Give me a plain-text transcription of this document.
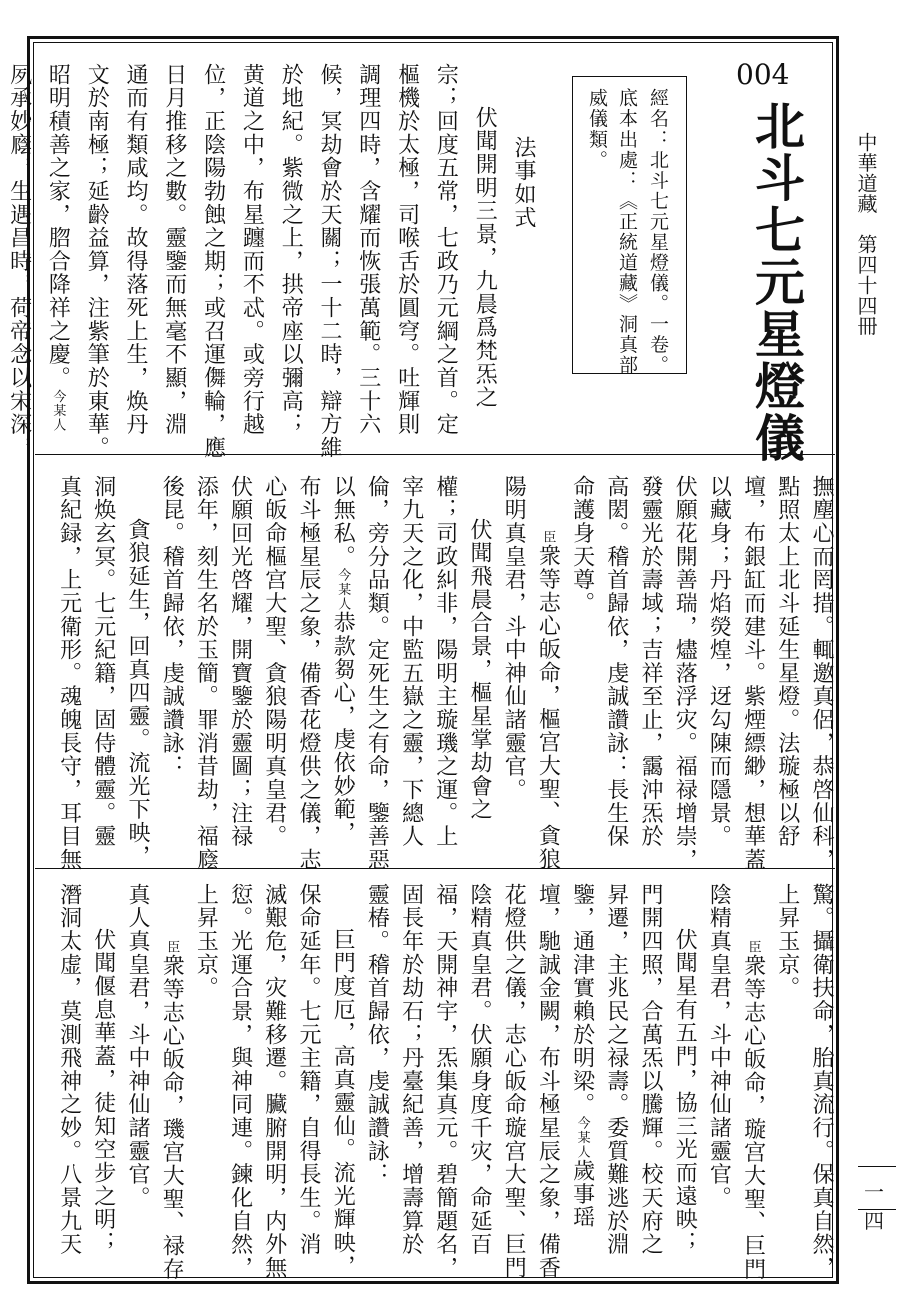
中華道藏　第四十四冊
一四
004
北斗七元星燈儀
經名：北斗七元星燈儀。一卷。
底本出處：《正統道藏》洞真部
威儀類。
法事如式
伏聞開明三景，九晨爲梵炁之
宗；回度五常，七政乃元綱之首。定
樞機於太極，司喉舌於圓穹。吐輝則
調理四時，含耀而恢張萬範。三十六
候，冥劫會於天關；一十二時，辯方維
於地紀。紫微之上，拱帝座以彌高；
黄道之中，布星躔而不忒。或旁行越
位，正陰陽勃蝕之期；或召運儛輪，應
日月推移之數。靈鑒而無毫不顯，淵
通而有類咸均。故得落死上生，焕丹
文於南極；延齡益算，注紫筆於東華。
昭明積善之家，脗合降祥之慶。今某人
夙承妙廕，生遇昌時，荷帝念以宋深，
撫塵心而罔措。輒邀真侶，恭啓仙科，
點照太上北斗延生星燈。法璇極以舒
壇，布銀缸而建斗。紫煙縹緲，想華蓋
以藏身；丹焰熒煌，迓勾陳而隱景。
伏願花開善瑞，燼落浮灾。福禄增崇，
發靈光於壽域；吉祥至止，靄沖炁於
高閎。稽首歸依，虔誠讚詠：長生保
命護身天尊。
臣衆等志心皈命，樞宫大聖、貪狼
陽明真皇君，斗中神仙諸靈官。
伏聞飛晨合景，樞星掌劫會之
權；司政糾非，陽明主璇璣之運。上
宰九天之化，中監五嶽之靈，下總人
倫，旁分品類。定死生之有命，鑒善惡
以無私。今某人恭款芻心，虔依妙範，
布斗極星辰之象，備香花燈供之儀，志
心皈命樞宫大聖、貪狼陽明真皇君。
伏願回光啓耀，開寶鑒於靈圖；注禄
添年，刻生名於玉簡。罪消昔劫，福廕
後昆。稽首歸依，虔誠讚詠：
貪狼延生，回真四靈。流光下映，
洞焕玄冥。七元紀籍，固侍體靈。靈
真紀録，上元衛形。魂魄長守，耳目無
驚。攝衛扶命，胎真流行。保真自然，
上昇玉京。
臣衆等志心皈命，璇宫大聖、巨門
陰精真皇君，斗中神仙諸靈官。
伏聞星有五門，協三光而遠映；
門開四照，合萬炁以騰輝。校天府之
昇遷，主兆民之禄壽。委質難逃於淵
鑒，通津實賴於明梁。今某人歲事瑶
壇，馳誠金闕，布斗極星辰之象，備香
花燈供之儀，志心皈命璇宫大聖、巨門
陰精真皇君。伏願身度千灾，命延百
福，天開神宇，炁集真元。碧簡題名，
固長年於劫石；丹臺紀善，增壽算於
靈椿。稽首歸依，虔誠讚詠：
巨門度厄，高真靈仙。流光輝映，
保命延年。七元主籍，自得長生。消
滅艱危，灾難移遷。臟腑開明，内外無
愆。光運合景，與神同連。鍊化自然，
上昇玉京。
臣衆等志心皈命，璣宫大聖、禄存
真人真皇君，斗中神仙諸靈官。
伏聞偃息華蓋，徒知空步之明；
潛洞太虚，莫測飛神之妙。八景九天
